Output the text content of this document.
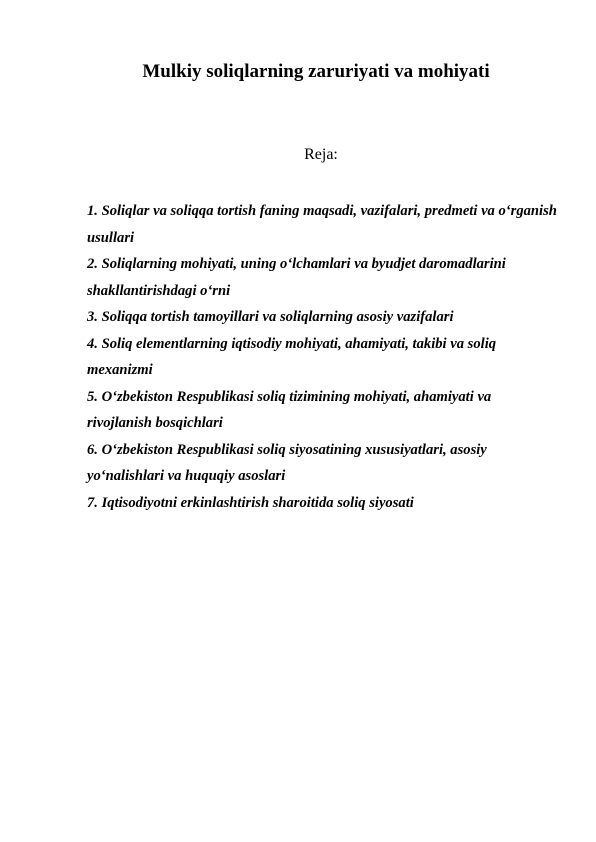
Mulkiy soliqlarning zaruriyati va mohiyati
Reja:
1. Soliqlar va soliqqa tortish faning maqsadi, vazifalari, predmeti va o‘rganish usullari
2. Soliqlarning mohiyati, uning o‘lchamlari va byudjet daromadlarini shakllantirishdagi o‘rni
3. Soliqqa tortish tamoyillari va soliqlarning asosiy vazifalari
4. Soliq elementlarning iqtisodiy mohiyati, ahamiyati, takibi va soliq mexanizmi
5. O‘zbekiston Respublikasi soliq tizimining mohiyati, ahamiyati va rivojlanish bosqichlari
6. O‘zbekiston Respublikasi soliq siyosatining xususiyatlari, asosiy yo‘nalishlari va huquqiy asoslari
7. Iqtisodiyotni erkinlashtirish sharoitida soliq siyosati
